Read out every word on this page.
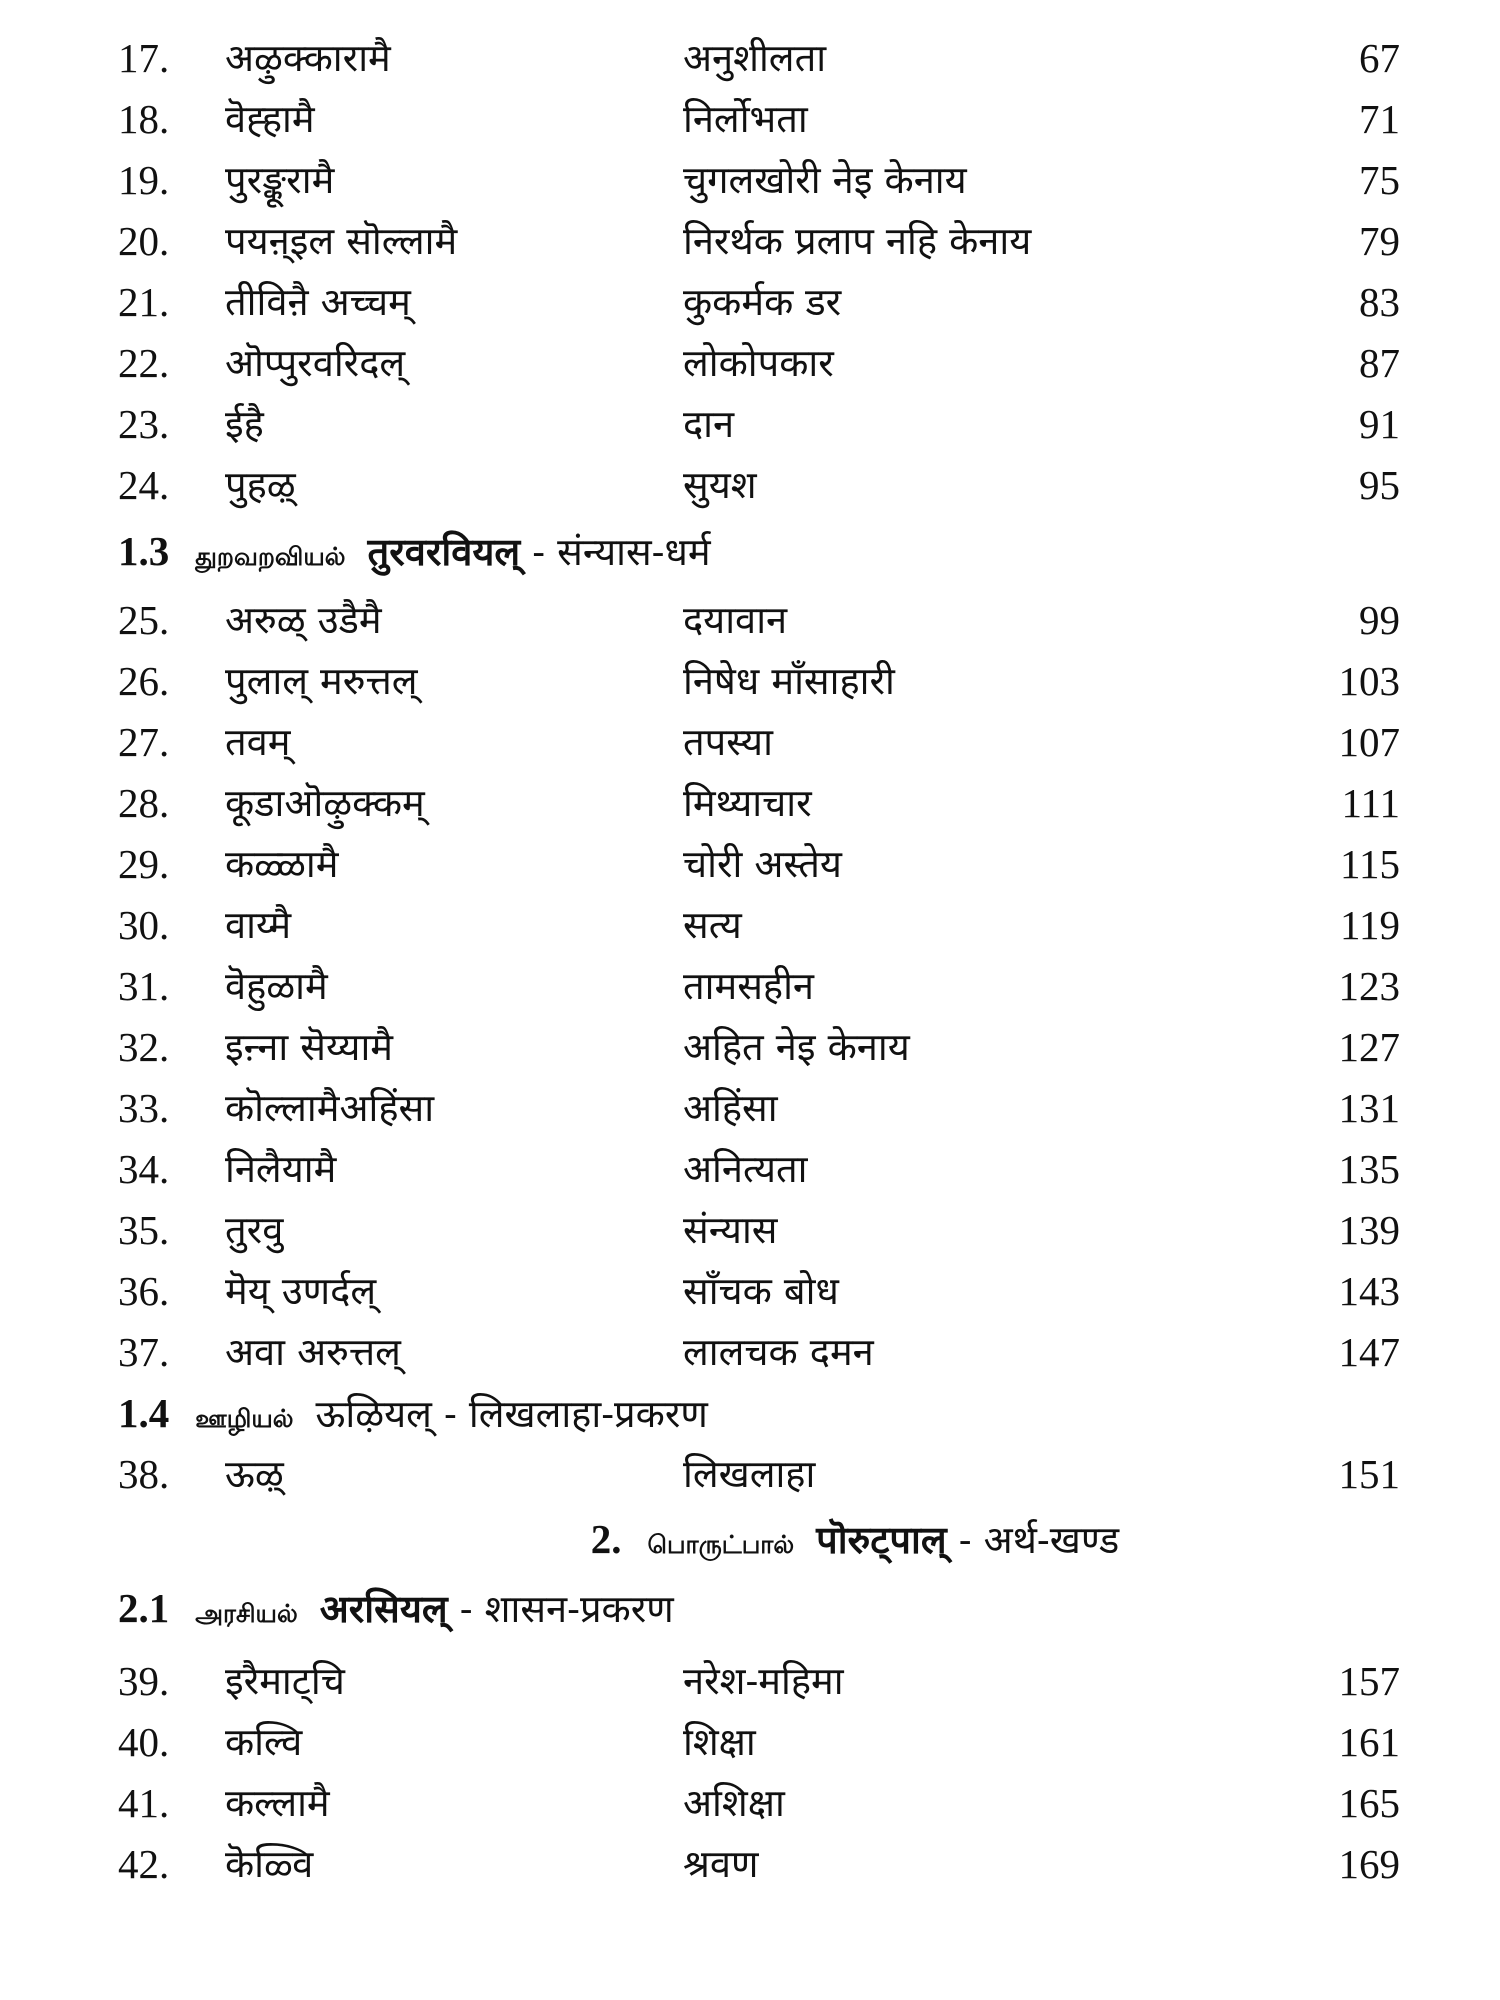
17.	अऴुक्कारामै	अनुशीलता	67
18.	वॆह्हामै	निर्लोभता	71
19.	पुरङ्कूरामै	चुगलखोरी नेइ केनाय	75
20.	पयऩ्इल सॊल्लामै	निरर्थक प्रलाप नहि केनाय	79
21.	तीविऩै अच्चम्	कुकर्मक डर	83
22.	ऒप्पुरवरिदल्	लोकोपकार	87
23.	ईहै	दान	91
24.	पुहऴ्	सुयश	95
1.3 துறவறவியல் तुरवरवियल् - संन्यास-धर्म
25.	अरुळ् उडैमै	दयावान	99
26.	पुलाल् मरुत्तल्	निषेध माँसाहारी	103
27.	तवम्	तपस्या	107
28.	कूडाऒऴुक्कम्	मिथ्याचार	111
29.	कळ्ळामै	चोरी अस्तेय	115
30.	वाय्मै	सत्य	119
31.	वॆहुळामै	तामसहीन	123
32.	इऩ्ना सॆय्यामै	अहित नेइ केनाय	127
33.	कॊल्लामैअहिंसा	अहिंसा	131
34.	निलैयामै	अनित्यता	135
35.	तुरवु	संन्यास	139
36.	मॆय् उणर्दल्	साँचक बोध	143
37.	अवा अरुत्तल्	लालचक दमन	147
1.4 ஊழியல் ऊऴियल् - लिखलाहा-प्रकरण
38.	ऊऴ्	लिखलाहा	151
2. பொருட்பால் पॊरुट्पाल् - अर्थ-खण्ड
2.1 அரசியல் अरसियल् - शासन-प्रकरण
39.	इरैमाट्चि	नरेश-महिमा	157
40.	कल्वि	शिक्षा	161
41.	कल्लामै	अशिक्षा	165
42.	कॆळ्वि	श्रवण	169
